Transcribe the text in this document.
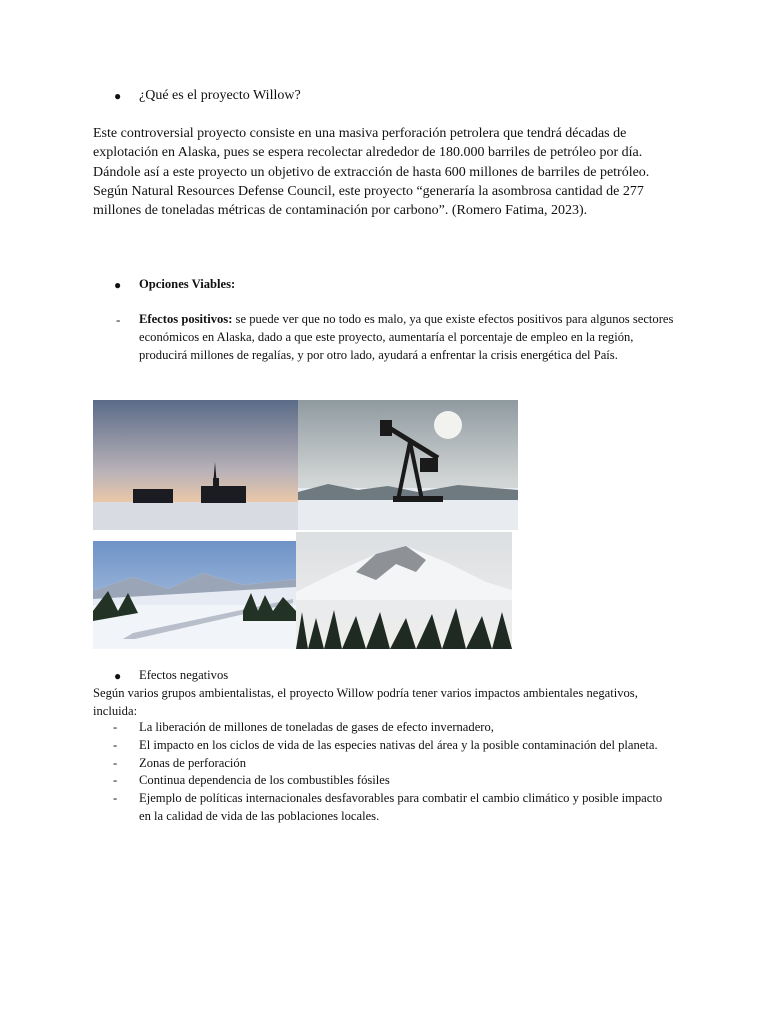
● ¿Qué es el proyecto Willow?
Este controversial proyecto consiste en una masiva perforación petrolera que tendrá décadas de explotación en Alaska, pues se espera recolectar alrededor de 180.000 barriles de petróleo por día. Dándole así a este proyecto un objetivo de extracción de hasta 600 millones de barriles de petróleo. Según Natural Resources Defense Council, este proyecto “generaría la asombrosa cantidad de 277 millones de toneladas métricas de contaminación por carbono”. (Romero Fatima, 2023).
● Opciones Viables:
- Efectos positivos: se puede ver que no todo es malo, ya que existe efectos positivos para algunos sectores económicos en Alaska, dado a que este proyecto, aumentaría el porcentaje de empleo en la región, producirá millones de regalías, y por otro lado, ayudará a enfrentar la crisis energética del País.
● Efectos negativos
Según varios grupos ambientalistas, el proyecto Willow podría tener varios impactos ambientales negativos, incluida:
- La liberación de millones de toneladas de gases de efecto invernadero,
- El impacto en los ciclos de vida de las especies nativas del área y la posible contaminación del planeta.
- Zonas de perforación
- Continua dependencia de los combustibles fósiles
- Ejemplo de políticas internacionales desfavorables para combatir el cambio climático y posible impacto en la calidad de vida de las poblaciones locales.
